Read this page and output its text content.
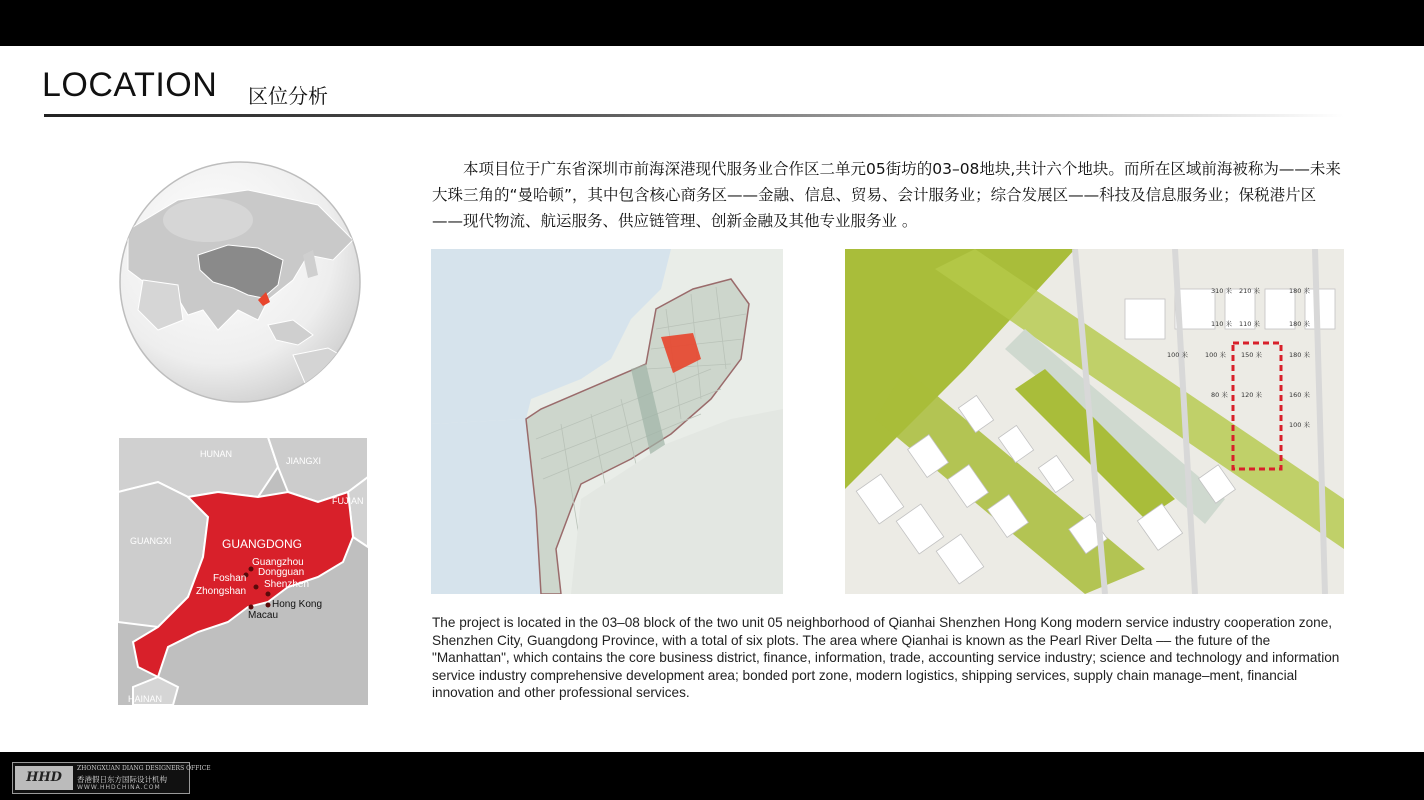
LOCATION 区位分析

本项目位于广东省深圳市前海深港现代服务业合作区二单元05街坊的03–08地块,共计六个地块。而所在区域前海被称为——未来大珠三角的“曼哈顿”，其中包含核心商务区——金融、信息、贸易、会计服务业；综合发展区——科技及信息服务业；保税港片区——现代物流、航运服务、供应链管理、创新金融及其他专业服务业 。

HUNAN
JIANGXI
FUJIAN
GUANGXI	GUANGDONG
HAINAN
Guangzhou
Dongguan
Foshan
Shenzhen
Zhongshan
Hong Kong
Macau
310 米 210 米	180 米
110 米 110 米	180 米
100 米	100 米 150 米	180 米
120 米	160 米
80 米
100 米

The project is located in the 03–08 block of the two unit 05 neighborhood of Qianhai Shenzhen Hong Kong modern service industry cooperation zone, Shenzhen City, Guangdong Province, with a total of six plots. The area where Qianhai is known as the Pearl River Delta –– the future of the "Manhattan", which contains the core business district, finance, information, trade, accounting service industry; science and technology and information service industry comprehensive development area; bonded port zone, modern logistics, shipping services, supply chain manage–ment, financial innovation and other professional services.

HHD
ZHONGXUAN DIANG DESIGNERS OFFICE
香港假日东方国际设计机构
WWW.HHDCHINA.COM
